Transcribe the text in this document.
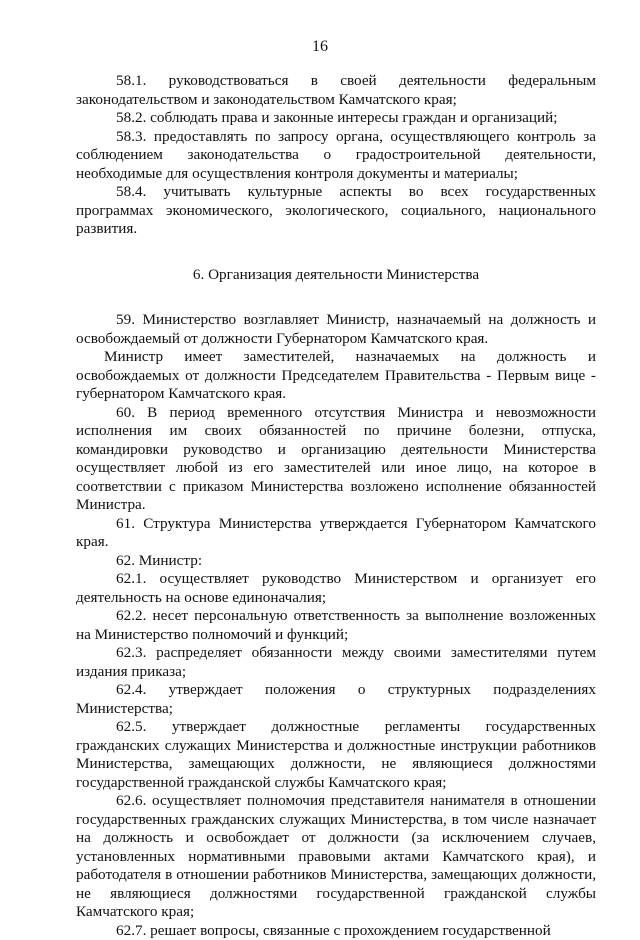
16

58.1. руководствоваться в своей деятельности федеральным законодательством и законодательством Камчатского края;

58.2. соблюдать права и законные интересы граждан и организаций;

58.3. предоставлять по запросу органа, осуществляющего контроль за соблюдением законодательства о градостроительной деятельности, необходимые для осуществления контроля документы и материалы;

58.4. учитывать культурные аспекты во всех государственных программах экономического, экологического, социального, национального развития.

6. Организация деятельности Министерства

59. Министерство возглавляет Министр, назначаемый на должность и освобождаемый от должности Губернатором Камчатского края.

Министр имеет заместителей, назначаемых на должность и освобождаемых от должности Председателем Правительства - Первым вице - губернатором Камчатского края.

60. В период временного отсутствия Министра и невозможности исполнения им своих обязанностей по причине болезни, отпуска, командировки руководство и организацию деятельности Министерства осуществляет любой из его заместителей или иное лицо, на которое в соответствии с приказом Министерства возложено исполнение обязанностей Министра.

61. Структура Министерства утверждается Губернатором Камчатского края.

62. Министр:

62.1. осуществляет руководство Министерством и организует его деятельность на основе единоначалия;

62.2. несет персональную ответственность за выполнение возложенных на Министерство полномочий и функций;

62.3. распределяет обязанности между своими заместителями путем издания приказа;

62.4. утверждает положения о структурных подразделениях Министерства;

62.5. утверждает должностные регламенты государственных гражданских служащих Министерства и должностные инструкции работников Министерства, замещающих должности, не являющиеся должностями государственной гражданской службы Камчатского края;

62.6. осуществляет полномочия представителя нанимателя в отношении государственных гражданских служащих Министерства, в том числе назначает на должность и освобождает от должности (за исключением случаев, установленных нормативными правовыми актами Камчатского края), и работодателя в отношении работников Министерства, замещающих должности, не являющиеся должностями государственной гражданской службы Камчатского края;

62.7. решает вопросы, связанные с прохождением государственной
